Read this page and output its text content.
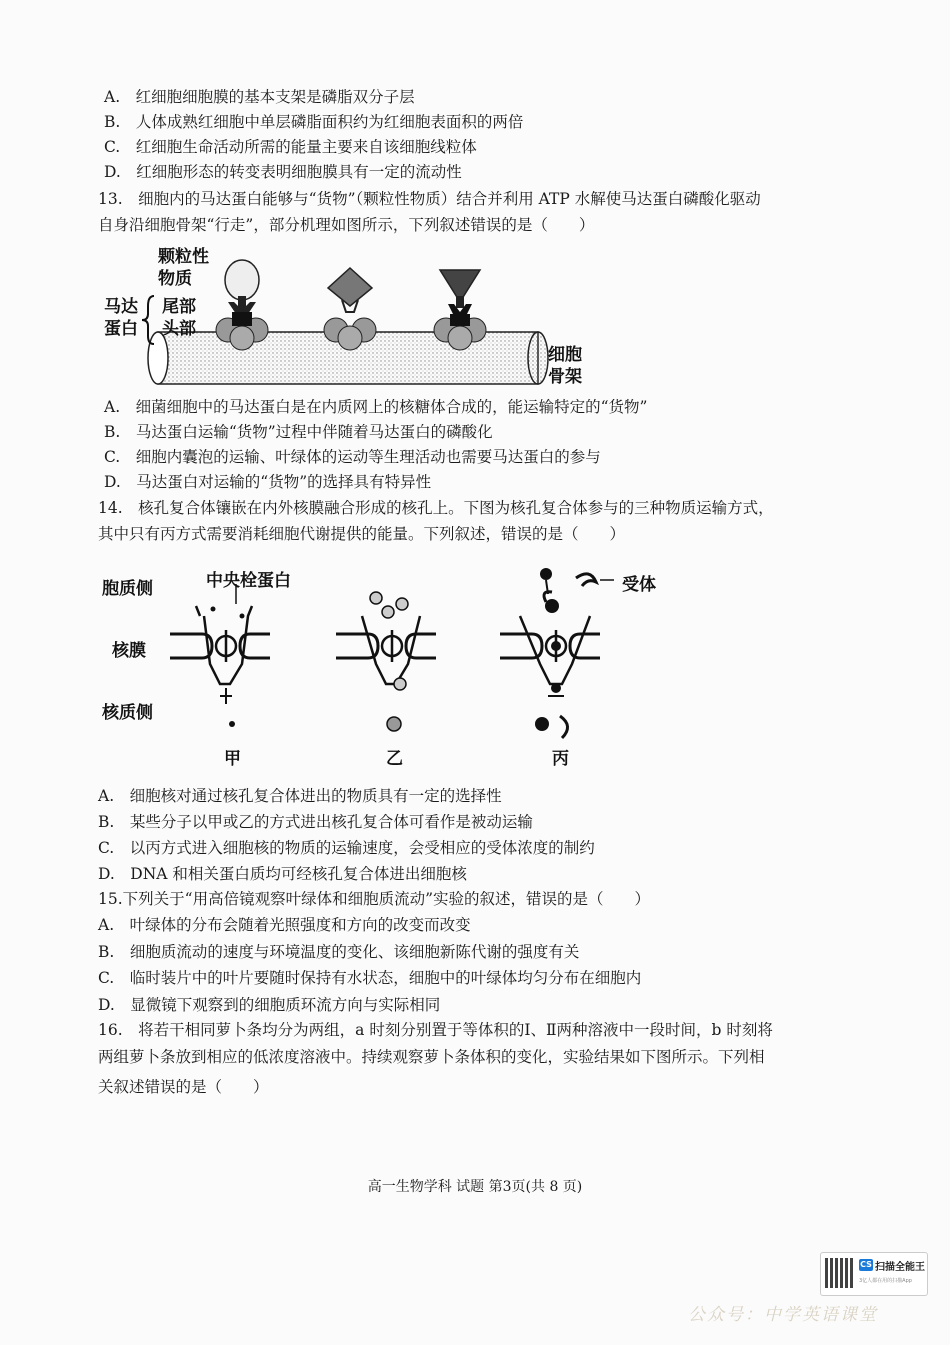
A.　红细胞细胞膜的基本支架是磷脂双分子层
B.　人体成熟红细胞中单层磷脂面积约为红细胞表面积的两倍
C.　红细胞生命活动所需的能量主要来自该细胞线粒体
D.　红细胞形态的转变表明细胞膜具有一定的流动性
13.　细胞内的马达蛋白能够与“货物”（颗粒性物质）结合并利用 ATP 水解使马达蛋白磷酸化驱动
自身沿细胞骨架“行走”，部分机理如图所示，下列叙述错误的是（　　）
颗粒性
物质
马达
蛋白
尾部
头部
细胞
骨架
A.　细菌细胞中的马达蛋白是在内质网上的核糖体合成的，能运输特定的“货物”
B.　马达蛋白运输“货物”过程中伴随着马达蛋白的磷酸化
C.　细胞内囊泡的运输、叶绿体的运动等生理活动也需要马达蛋白的参与
D.　马达蛋白对运输的“货物”的选择具有特异性
14.　核孔复合体镶嵌在内外核膜融合形成的核孔上。下图为核孔复合体参与的三种物质运输方式，
其中只有丙方式需要消耗细胞代谢提供的能量。下列叙述，错误的是（　　）
胞质侧	中央栓蛋白	受体
核膜
核质侧
甲	乙	丙
A.　细胞核对通过核孔复合体进出的物质具有一定的选择性
B.　某些分子以甲或乙的方式进出核孔复合体可看作是被动运输
C.　以丙方式进入细胞核的物质的运输速度，会受相应的受体浓度的制约
D.　DNA 和相关蛋白质均可经核孔复合体进出细胞核
15.下列关于“用高倍镜观察叶绿体和细胞质流动”实验的叙述，错误的是（　　）
A.　叶绿体的分布会随着光照强度和方向的改变而改变
B.　细胞质流动的速度与环境温度的变化、该细胞新陈代谢的强度有关
C.　临时装片中的叶片要随时保持有水状态，细胞中的叶绿体均匀分布在细胞内
D.　显微镜下观察到的细胞质环流方向与实际相同
16.　将若干相同萝卜条均分为两组，a 时刻分别置于等体积的Ⅰ、Ⅱ两种溶液中一段时间，b 时刻将
两组萝卜条放到相应的低浓度溶液中。持续观察萝卜条体积的变化，实验结果如下图所示。下列相
关叙述错误的是（　　）
高一生物学科 试题 第3页(共 8 页)
CS 扫描全能王
3亿人都在用的扫描App
公众号：中学英语课堂
